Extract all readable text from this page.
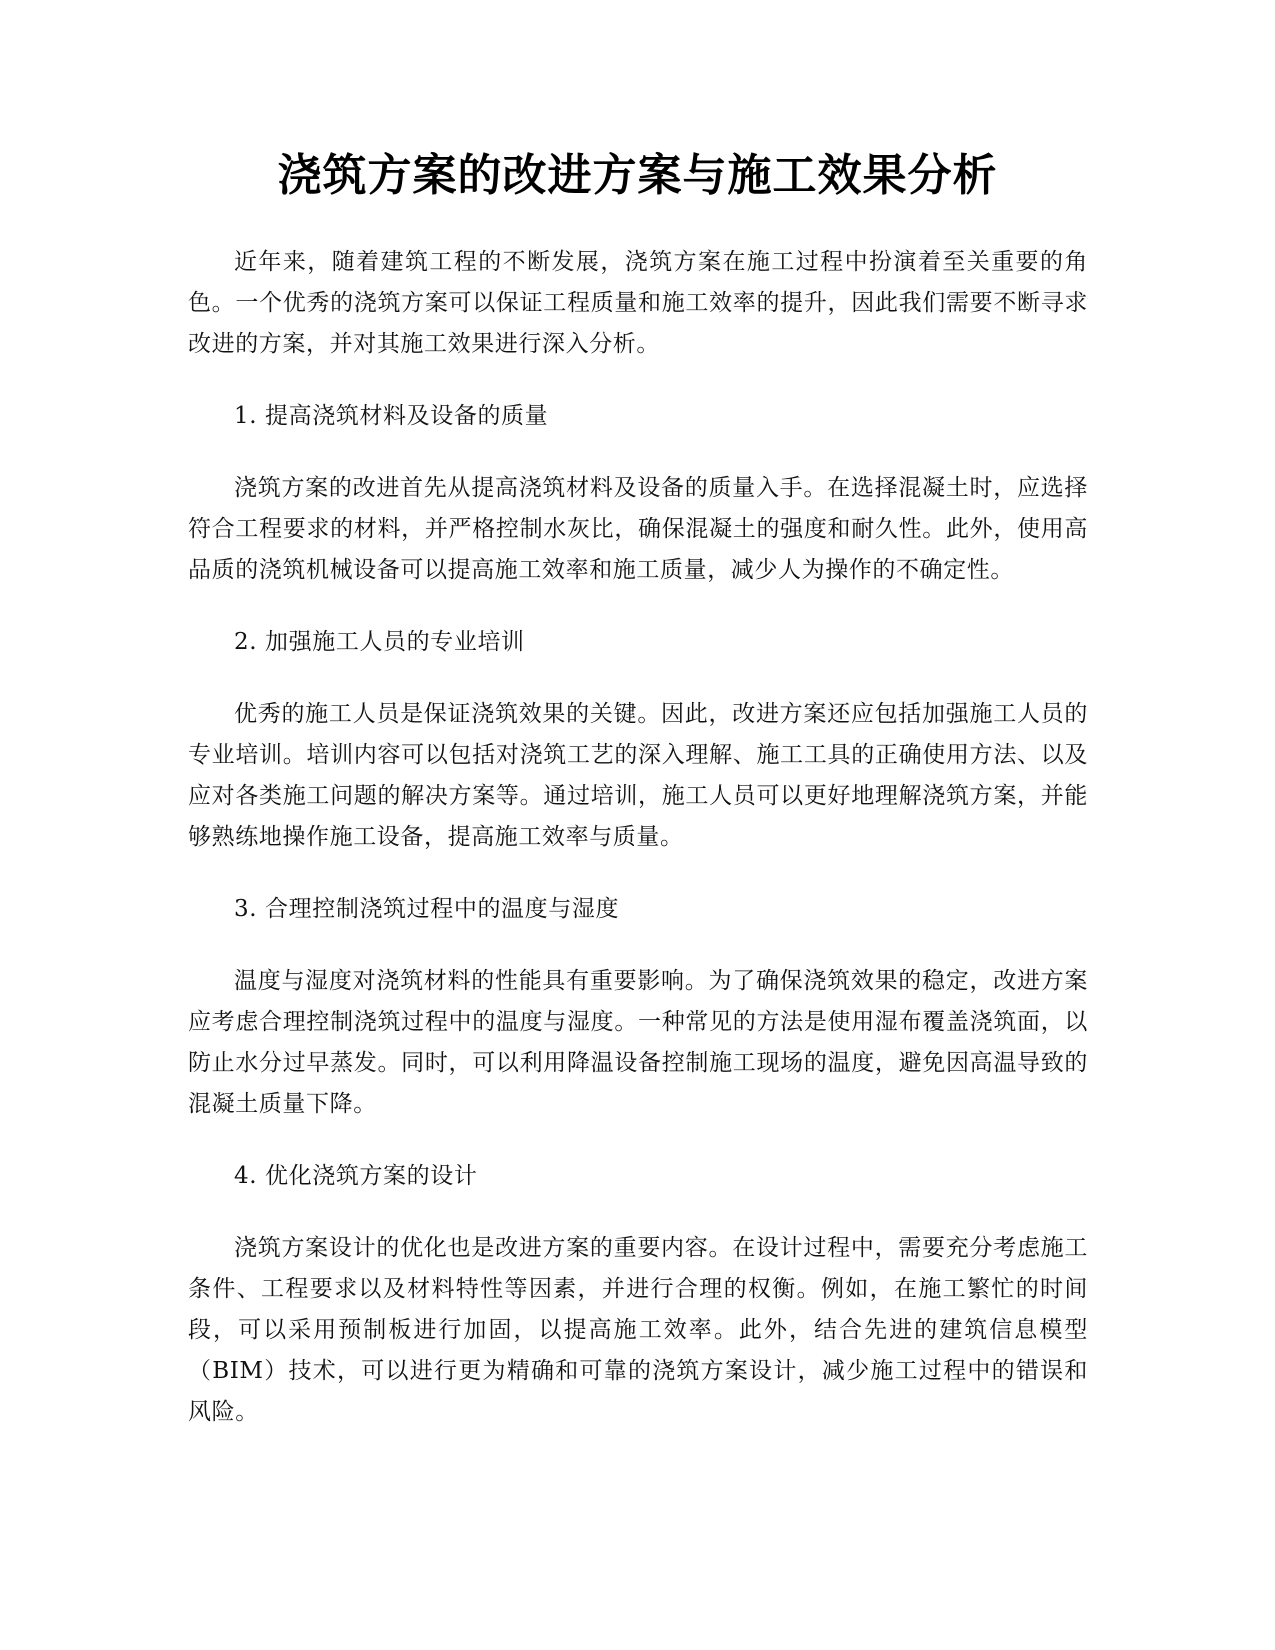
浇筑方案的改进方案与施工效果分析

近年来，随着建筑工程的不断发展，浇筑方案在施工过程中扮演着至关重要的角色。一个优秀的浇筑方案可以保证工程质量和施工效率的提升，因此我们需要不断寻求改进的方案，并对其施工效果进行深入分析。

1. 提高浇筑材料及设备的质量

浇筑方案的改进首先从提高浇筑材料及设备的质量入手。在选择混凝土时，应选择符合工程要求的材料，并严格控制水灰比，确保混凝土的强度和耐久性。此外，使用高品质的浇筑机械设备可以提高施工效率和施工质量，减少人为操作的不确定性。

2. 加强施工人员的专业培训

优秀的施工人员是保证浇筑效果的关键。因此，改进方案还应包括加强施工人员的专业培训。培训内容可以包括对浇筑工艺的深入理解、施工工具的正确使用方法、以及应对各类施工问题的解决方案等。通过培训，施工人员可以更好地理解浇筑方案，并能够熟练地操作施工设备，提高施工效率与质量。

3. 合理控制浇筑过程中的温度与湿度

温度与湿度对浇筑材料的性能具有重要影响。为了确保浇筑效果的稳定，改进方案应考虑合理控制浇筑过程中的温度与湿度。一种常见的方法是使用湿布覆盖浇筑面，以防止水分过早蒸发。同时，可以利用降温设备控制施工现场的温度，避免因高温导致的混凝土质量下降。

4. 优化浇筑方案的设计

浇筑方案设计的优化也是改进方案的重要内容。在设计过程中，需要充分考虑施工条件、工程要求以及材料特性等因素，并进行合理的权衡。例如，在施工繁忙的时间段，可以采用预制板进行加固，以提高施工效率。此外，结合先进的建筑信息模型（BIM）技术，可以进行更为精确和可靠的浇筑方案设计，减少施工过程中的错误和风险。
